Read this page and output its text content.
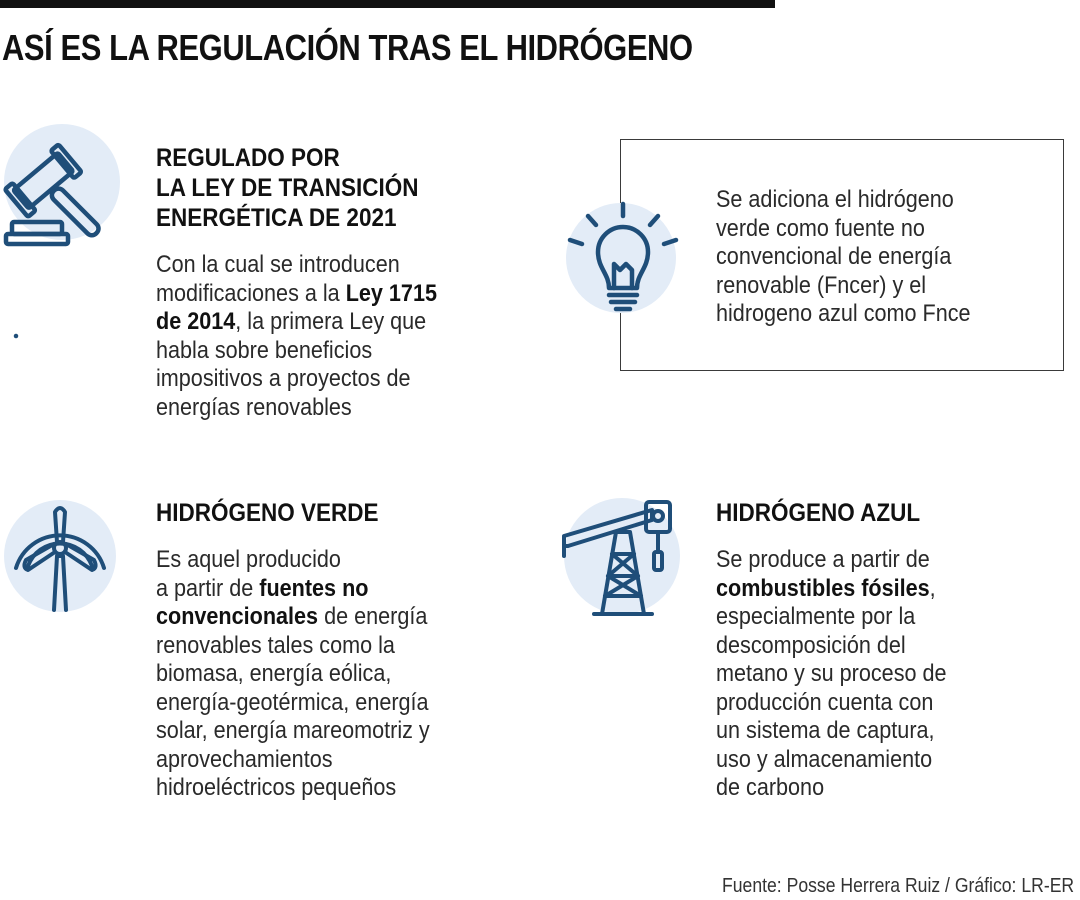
ASÍ ES LA REGULACIÓN TRAS EL HIDRÓGENO

REGULADO POR

LA LEY DE TRANSICIÓN

ENERGÉTICA DE 2021

Con la cual se introducen

modificaciones a la Ley 1715

de 2014, la primera Ley que

habla sobre beneficios

impositivos a proyectos de

energías renovables

Se adiciona el hidrógeno

verde como fuente no

convencional de energía

renovable (Fncer) y el

hidrogeno azul como Fnce

HIDRÓGENO VERDE

Es aquel producido

a partir de fuentes no

convencionales de energía

renovables tales como la

biomasa, energía eólica,

energía-geotérmica, energía

solar, energía mareomotriz y

aprovechamientos

hidroeléctricos pequeños

HIDRÓGENO AZUL

Se produce a partir de

combustibles fósiles,

especialmente por la

descomposición del

metano y su proceso de

producción cuenta con

un sistema de captura,

uso y almacenamiento

de carbono

Fuente: Posse Herrera Ruiz / Gráfico: LR-ER
